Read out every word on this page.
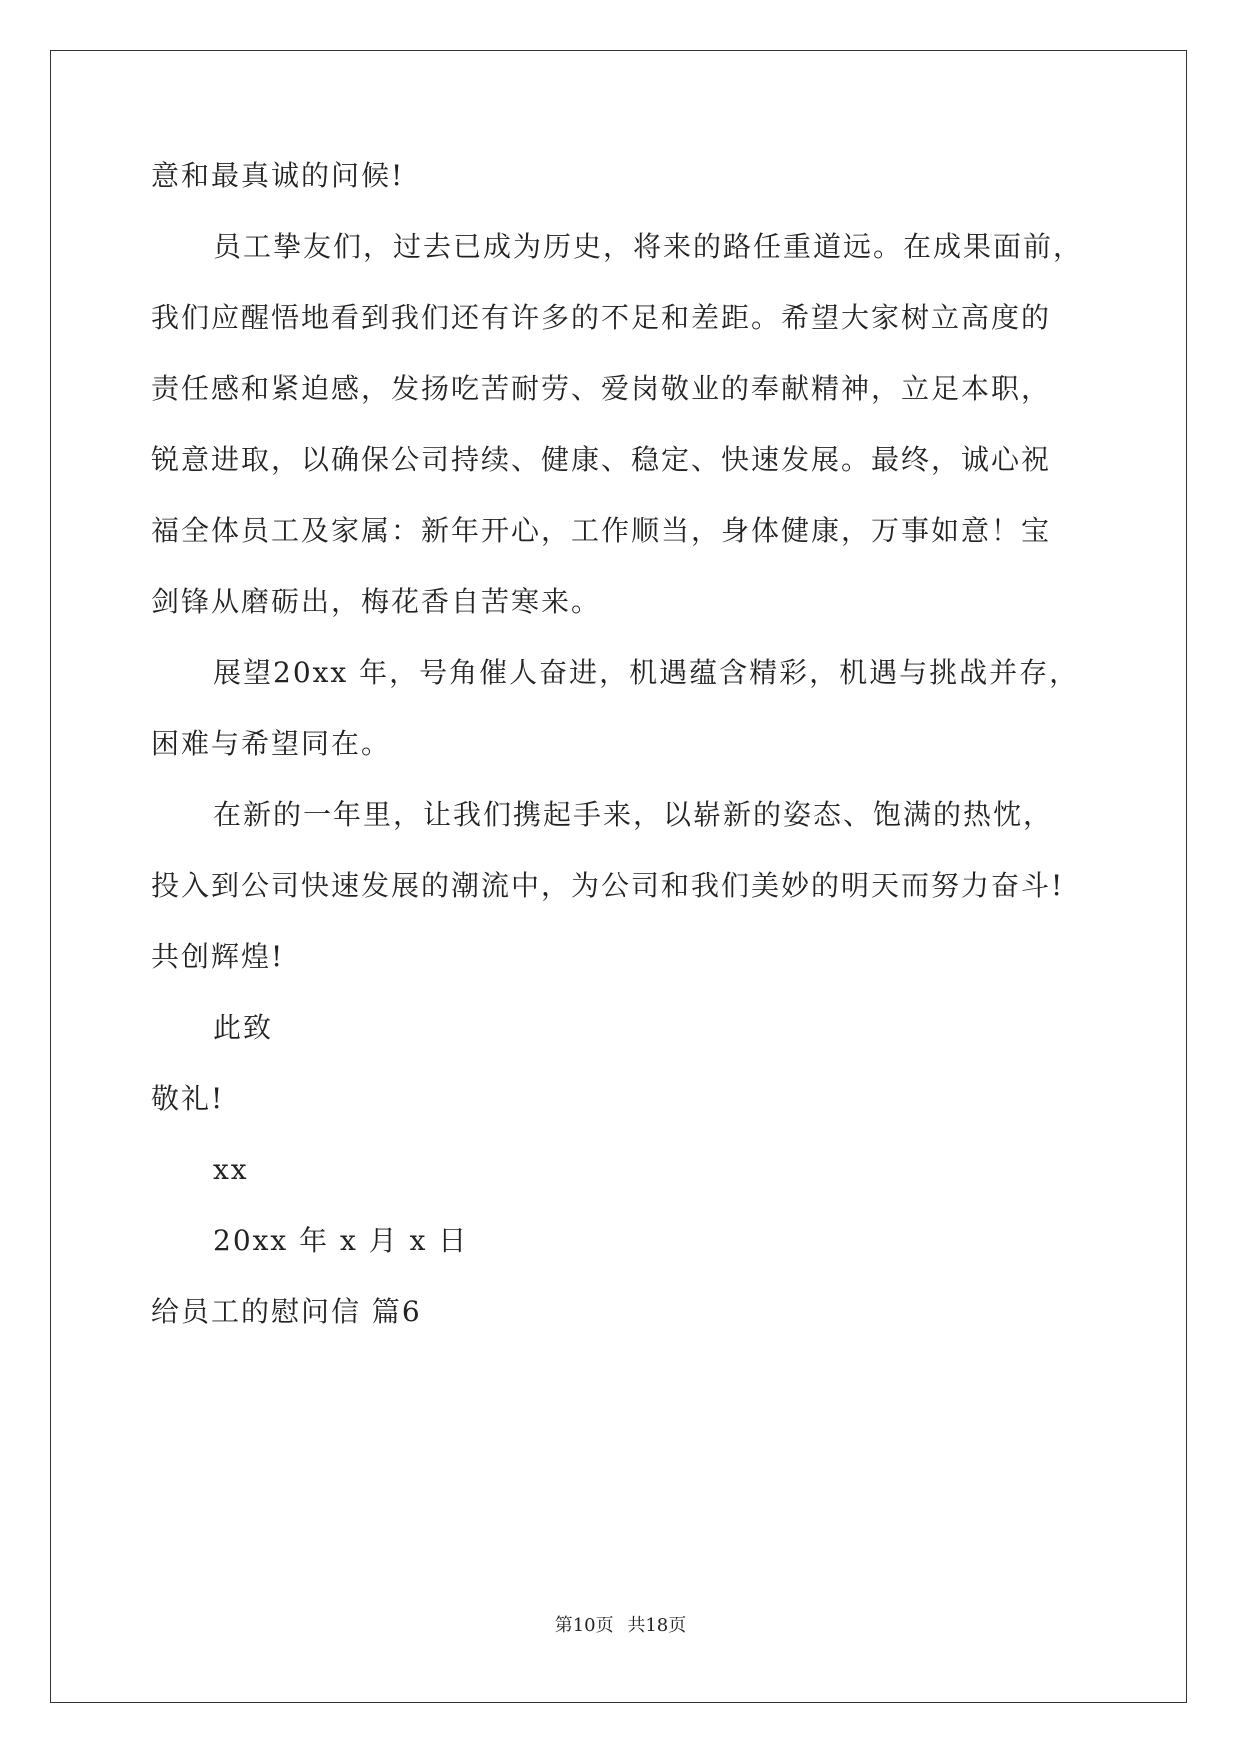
意和最真诚的问候!
员工挚友们，过去已成为历史，将来的路任重道远。在成果面前，
我们应醒悟地看到我们还有许多的不足和差距。希望大家树立高度的
责任感和紧迫感，发扬吃苦耐劳、爱岗敬业的奉献精神，立足本职，
锐意进取，以确保公司持续、健康、稳定、快速发展。最终，诚心祝
福全体员工及家属：新年开心，工作顺当，身体健康，万事如意！宝
剑锋从磨砺出，梅花香自苦寒来。
展望20xx 年，号角催人奋进，机遇蕴含精彩，机遇与挑战并存，
困难与希望同在。
在新的一年里，让我们携起手来，以崭新的姿态、饱满的热忱，
投入到公司快速发展的潮流中，为公司和我们美妙的明天而努力奋斗!
共创辉煌!
此致
敬礼!
xx
20xx 年 x 月 x 日
给员工的慰问信 篇6
第10页 共18页
